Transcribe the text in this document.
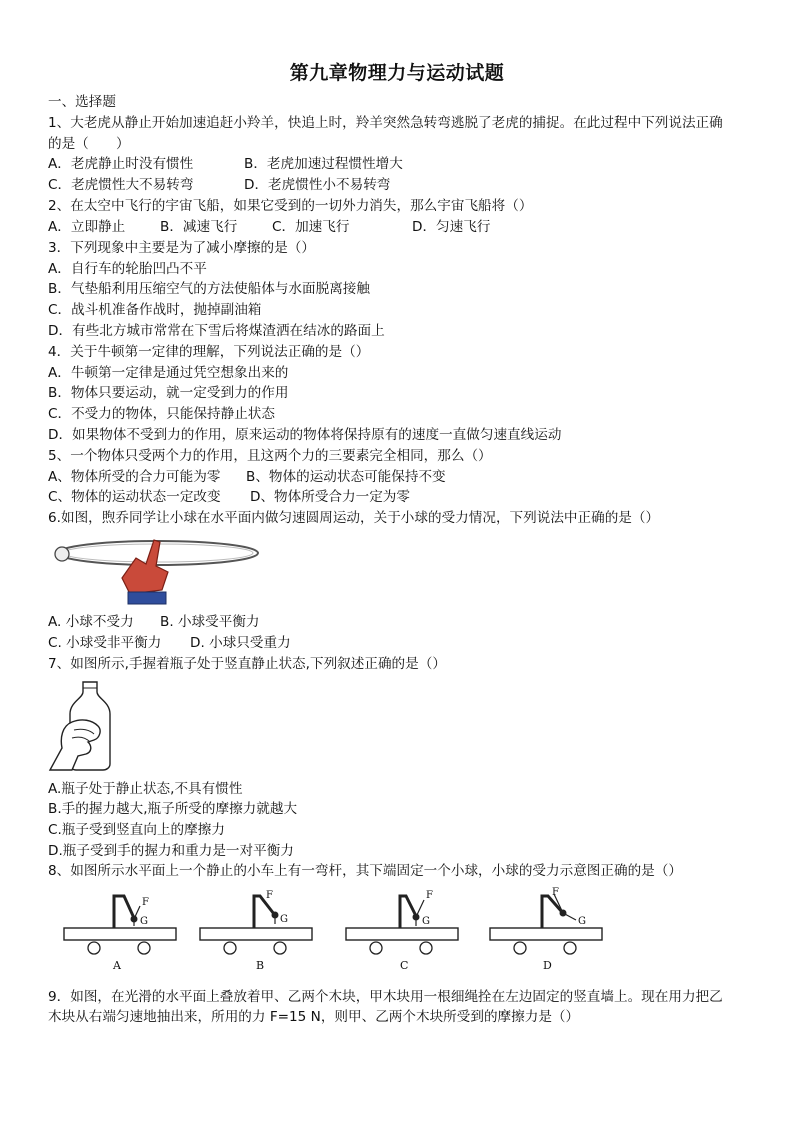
第九章物理力与运动试题
一、选择题
1、大老虎从静止开始加速追赶小羚羊，快追上时，羚羊突然急转弯逃脱了老虎的捕捉。在此过程中下列说法正确
的是（　　）
A．老虎静止时没有惯性	B．老虎加速过程惯性增大
C．老虎惯性大不易转弯	D．老虎惯性小不易转弯
2、在太空中飞行的宇宙飞船，如果它受到的一切外力消失，那么宇宙飞船将（）
A．立即静止	B．减速飞行	C．加速飞行	D．匀速飞行
3．下列现象中主要是为了减小摩擦的是（）
A．自行车的轮胎凹凸不平
B．气垫船利用压缩空气的方法使船体与水面脱离接触
C．战斗机准备作战时，抛掉副油箱
D．有些北方城市常常在下雪后将煤渣洒在结冰的路面上
4．关于牛顿第一定律的理解，下列说法正确的是（）
A．牛顿第一定律是通过凭空想象出来的
B．物体只要运动，就一定受到力的作用
C．不受力的物体，只能保持静止状态
D．如果物体不受到力的作用，原来运动的物体将保持原有的速度一直做匀速直线运动
5、一个物体只受两个力的作用，且这两个力的三要素完全相同，那么（）
A、物体所受的合力可能为零 B、物体的运动状态可能保持不变
C、物体的运动状态一定改变 D、物体所受合力一定为零
6.如图，煦乔同学让小球在水平面内做匀速圆周运动，关于小球的受力情况，下列说法中正确的是（）
A. 小球不受力 B. 小球受平衡力
C. 小球受非平衡力 D. 小球只受重力
7、如图所示,手握着瓶子处于竖直静止状态,下列叙述正确的是（）
A.瓶子处于静止状态,不具有惯性
B.手的握力越大,瓶子所受的摩擦力就越大
C.瓶子受到竖直向上的摩擦力
D.瓶子受到手的握力和重力是一对平衡力
8、如图所示水平面上一个静止的小车上有一弯杆，其下端固定一个小球，小球的受力示意图正确的是（）
F
G
A
F
G
B
F
G
C
F
G
D
9．如图，在光滑的水平面上叠放着甲、乙两个木块，甲木块用一根细绳拴在左边固定的竖直墙上。现在用力把乙
木块从右端匀速地抽出来，所用的力 F=15 N，则甲、乙两个木块所受到的摩擦力是（）
